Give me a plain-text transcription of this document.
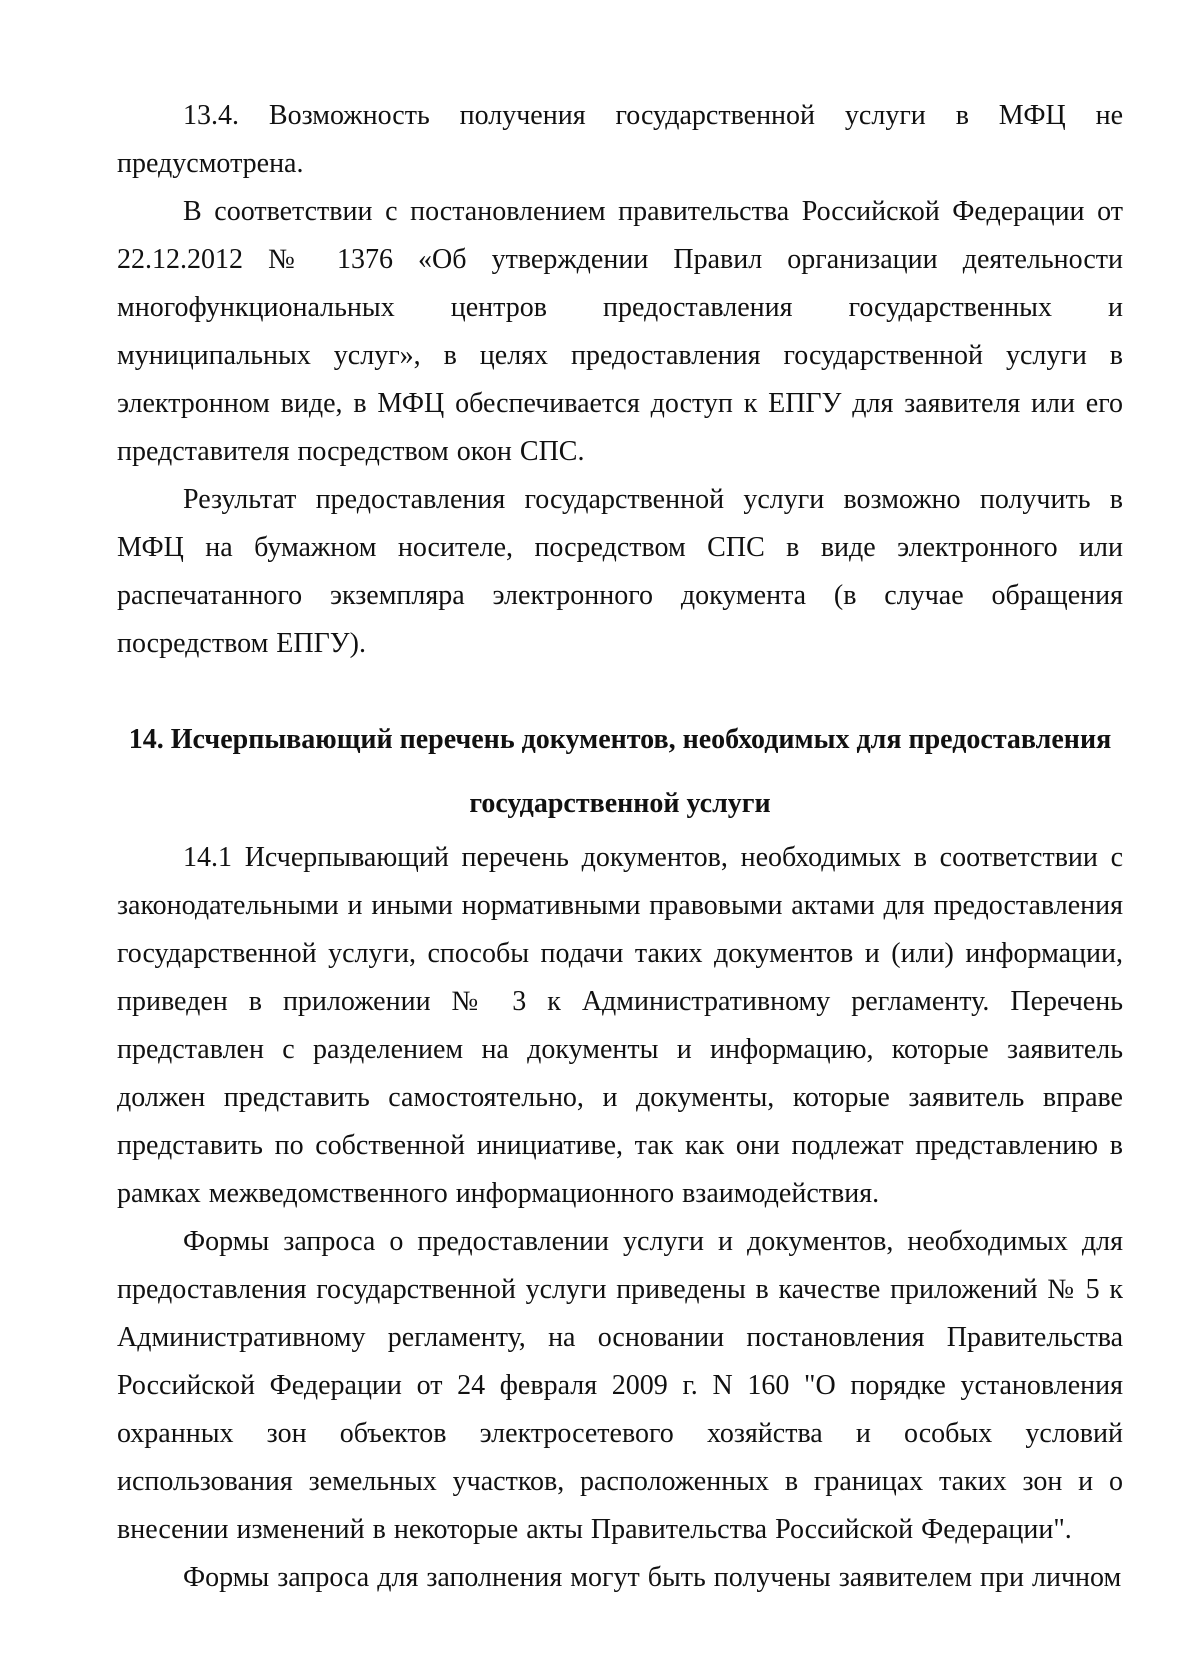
13.4. Возможность получения государственной услуги в МФЦ не предусмотрена.

В соответствии с постановлением правительства Российской Федерации от 22.12.2012 № 1376 «Об утверждении Правил организации деятельности многофункциональных центров предоставления государственных и муниципальных услуг», в целях предоставления государственной услуги в электронном виде, в МФЦ обеспечивается доступ к ЕПГУ для заявителя или его представителя посредством окон СПС.

Результат предоставления государственной услуги возможно получить в МФЦ на бумажном носителе, посредством СПС в виде электронного или распечатанного экземпляра электронного документа (в случае обращения посредством ЕПГУ).

14. Исчерпывающий перечень документов, необходимых для предоставления

государственной услуги

14.1 Исчерпывающий перечень документов, необходимых в соответствии с законодательными и иными нормативными правовыми актами для предоставления государственной услуги, способы подачи таких документов и (или) информации, приведен в приложении № 3 к Административному регламенту. Перечень представлен с разделением на документы и информацию, которые заявитель должен представить самостоятельно, и документы, которые заявитель вправе представить по собственной инициативе, так как они подлежат представлению в рамках межведомственного информационного взаимодействия.

Формы запроса о предоставлении услуги и документов, необходимых для предоставления государственной услуги приведены в качестве приложений № 5 к Административному регламенту, на основании постановления Правительства Российской Федерации от 24 февраля 2009 г. N 160 "О порядке установления охранных зон объектов электросетевого хозяйства и особых условий использования земельных участков, расположенных в границах таких зон и о внесении изменений в некоторые акты Правительства Российской Федерации".

Формы запроса для заполнения могут быть получены заявителем при личном
